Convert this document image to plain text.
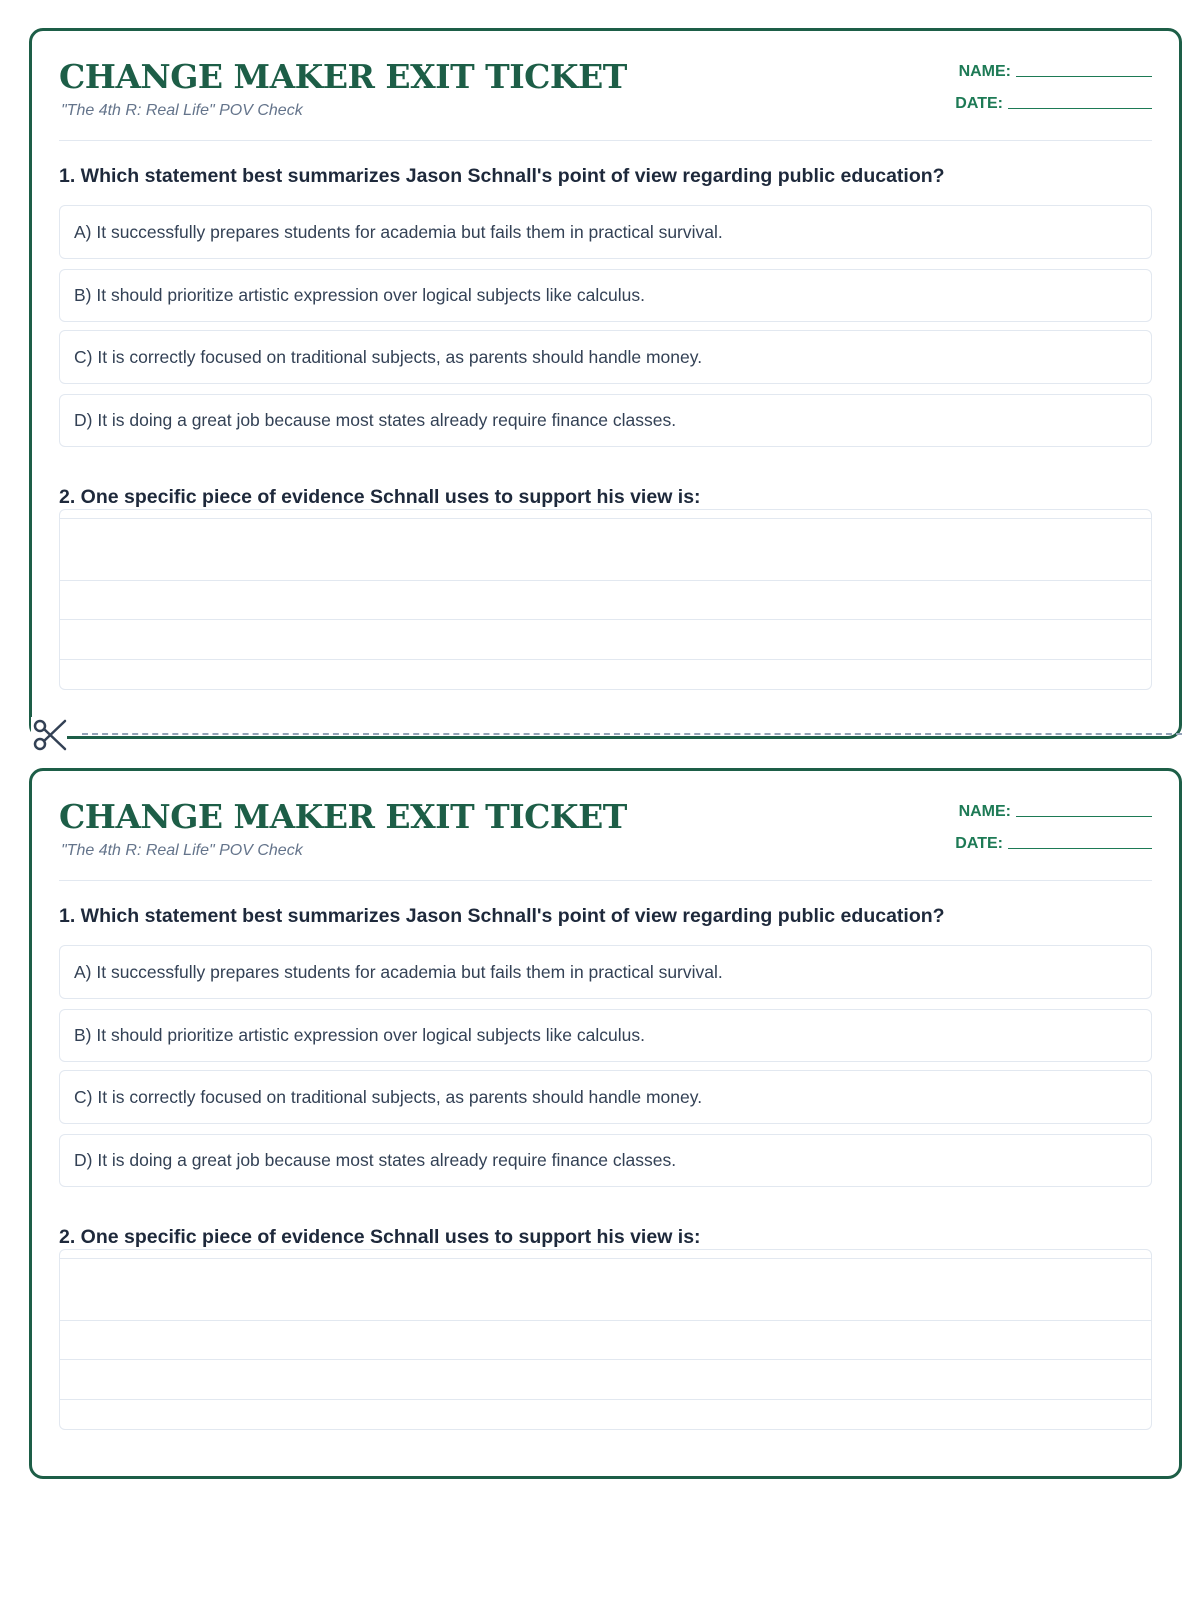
CHANGE MAKER EXIT TICKET
"The 4th R: Real Life" POV Check
NAME:
DATE:
1. Which statement best summarizes Jason Schnall's point of view regarding public education?
A) It successfully prepares students for academia but fails them in practical survival.
B) It should prioritize artistic expression over logical subjects like calculus.
C) It is correctly focused on traditional subjects, as parents should handle money.
D) It is doing a great job because most states already require finance classes.
2. One specific piece of evidence Schnall uses to support his view is:
CHANGE MAKER EXIT TICKET
"The 4th R: Real Life" POV Check
NAME:
DATE:
1. Which statement best summarizes Jason Schnall's point of view regarding public education?
A) It successfully prepares students for academia but fails them in practical survival.
B) It should prioritize artistic expression over logical subjects like calculus.
C) It is correctly focused on traditional subjects, as parents should handle money.
D) It is doing a great job because most states already require finance classes.
2. One specific piece of evidence Schnall uses to support his view is:
